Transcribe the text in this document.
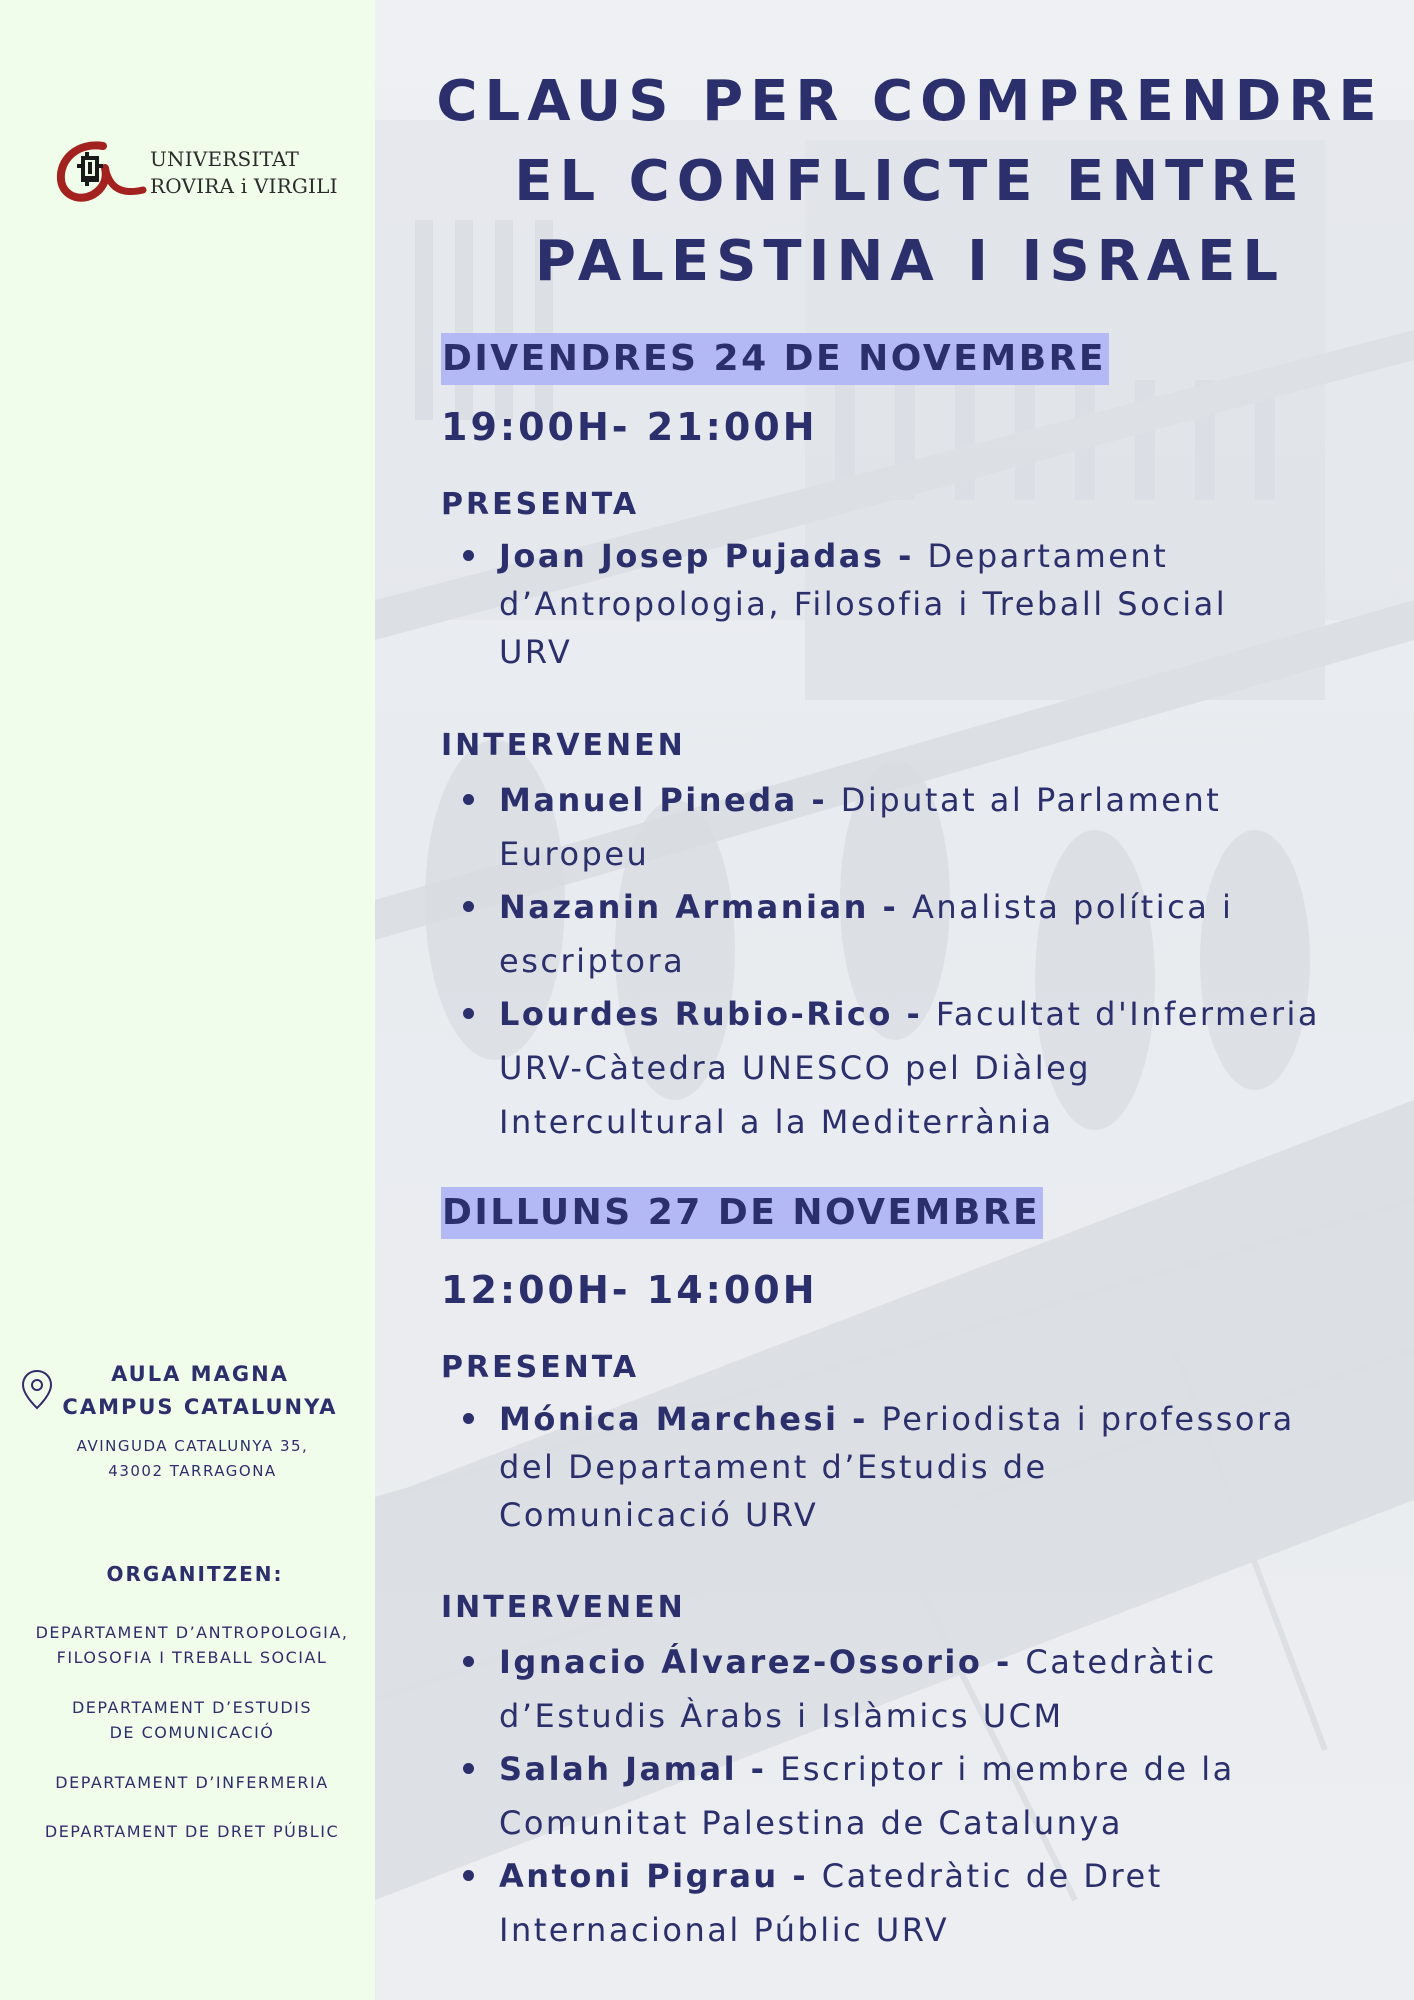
UNIVERSITAT
ROVIRA i VIRGILI
AULA MAGNA
CAMPUS CATALUNYA
AVINGUDA CATALUNYA 35,
43002 TARRAGONA
ORGANITZEN:
DEPARTAMENT D’ANTROPOLOGIA,
FILOSOFIA I TREBALL SOCIAL
DEPARTAMENT D’ESTUDIS
DE COMUNICACIÓ
DEPARTAMENT D’INFERMERIA
DEPARTAMENT DE DRET PÚBLIC
CLAUS PER COMPRENDRE
EL CONFLICTE ENTRE
PALESTINA I ISRAEL
DIVENDRES 24 DE NOVEMBRE
19:00H- 21:00H
PRESENTA
Joan Josep Pujadas - Departament
d’Antropologia, Filosofia i Treball Social
URV
INTERVENEN
Manuel Pineda - Diputat al Parlament
Europeu
Nazanin Armanian - Analista política i
escriptora
Lourdes Rubio-Rico - Facultat d'Infermeria
URV-Càtedra UNESCO pel Diàleg
Intercultural a la Mediterrània
DILLUNS 27 DE NOVEMBRE
12:00H- 14:00H
PRESENTA
Mónica Marchesi - Periodista i professora
del Departament d’Estudis de
Comunicació URV
INTERVENEN
Ignacio Álvarez-Ossorio - Catedràtic
d’Estudis Àrabs i Islàmics UCM
Salah Jamal - Escriptor i membre de la
Comunitat Palestina de Catalunya
Antoni Pigrau - Catedràtic de Dret
Internacional Públic URV
